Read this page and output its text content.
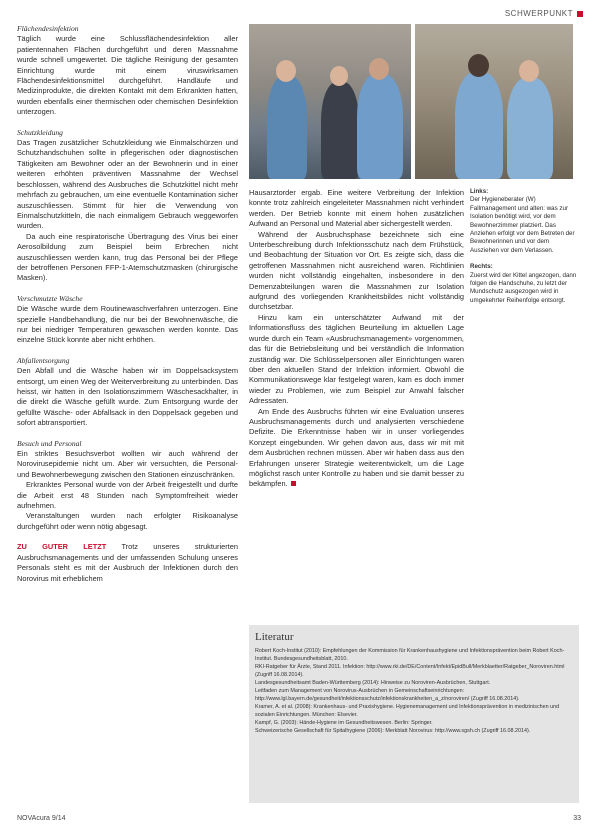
SCHWERPUNKT
Flächendesinfektion

Täglich wurde eine Schlussflächendesinfektion aller patientennahen Flächen durchgeführt und deren Massnahme wurde schnell umgewertet. Die tägliche Reinigung der gesamten Einrichtung wurde mit einem viruswirksamen Flächendesinfektionsmittel durchgeführt. Handläufe und Medizinprodukte, die direkten Kontakt mit dem Erkrankten hatten, wurden ebenfalls einer thermischen oder chemischen Desinfektion unterzogen.

Schutzkleidung

Das Tragen zusätzlicher Schutzkleidung wie Einmalschürzen und Schutzhandschuhen sollte in pflegerischen oder diagnostischen Tätigkeiten am Bewohner oder an der Bewohnerin und in einer weiteren erhöhten präventiven Massnahme der Wechsel beschlossen, während des Ausbruches die Schutzkittel nicht mehr mehrfach zu gebrauchen, um eine eventuelle Kontamination sicher auszuschliessen. Stimmt für hier die Verwendung von Einmalschutzkitteln, die nach einmaligem Gebrauch weggeworfen wurden.

Da auch eine respiratorische Übertragung des Virus bei einer Aerosolbildung zum Beispiel beim Erbrechen nicht auszuschliessen werden kann, trug das Personal bei der Pflege der betroffenen Personen FFP-1-Atemschutzmasken (chirurgische Masken).

Verschmutzte Wäsche

Die Wäsche wurde dem Routinewaschverfahren unterzogen. Eine spezielle Handbehandlung, die nur bei der Bewohnerwäsche, die nur bei niedriger Temperaturen gewaschen werden konnte. Das einzelne Stück konnte aber nicht erhöhen.

Abfallentsorgung

Den Abfall und die Wäsche haben wir im Doppelsacksystem entsorgt, um einen Weg der Weiterverbreitung zu unterbinden. Das heisst, wir hatten in den Isolationszimmern Wäschesackhalter, in die direkt die Wäsche gefüllt wurde. Zum Entsorgung wurde der gefüllte Wäsche- oder Abfallsack in den Doppelsack gegeben und sofort abtransportiert.

Besuch und Personal

Ein striktes Besuchsverbot wollten wir auch während der Norovirusepidemie nicht um. Aber wir versuchten, die Personal- und Bewohnerbewegung zwischen den Stationen einzuschränken.

Erkranktes Personal wurde von der Arbeit freigestellt und durfte die Arbeit erst 48 Stunden nach Symptomfreiheit wieder aufnehmen.

Veranstaltungen wurden nach erfolgter Risikoanalyse durchgeführt oder wenn nötig abgesagt.

ZU GUTER LETZT Trotz unseres strukturierten Ausbruchsmanagements und der umfassenden Schulung unseres Personals steht es mit der Ausbruch der Infektionen durch den Norovirus mit erheblichem

Links:
Der Hygieneberater (W) Fallmanagement und alten: was zur Isolation benötigt wird, vor dem Bewohnerzimmer platziert. Das Anziehen erfolgt vor dem Betreten der Bewohnerinnen und vor dem Ausziehen vor dem Verlassen.
Rechts:
Zuerst wird der Kittel angezogen, dann folgen die Handschuhe, zu letzt der Mundschutz ausgezogen wird in umgekehrter Reihenfolge entsorgt.

Hausarztorder ergab. Eine weitere Verbreitung der Infektion konnte trotz zahlreich eingeleiteter Massnahmen nicht verhindert werden. Der Betrieb konnte mit einem hohen zusätzlichen Aufwand an Personal und Material aber sichergestellt werden.

Während der Ausbruchsphase bezeichnete sich eine Unterbeschreibung durch Infektionsschutz nach dem Frühstück, und Beobachtung der Situation vor Ort. Es zeigte sich, dass die getroffenen Massnahmen nicht ausreichend waren. Richtlinien wurden nicht vollständig eingehalten, insbesondere in den Demenzabteilungen waren die Massnahmen zur Isolation aufgrund des vorliegenden Krankheitsbildes nicht vollständig durchsetzbar.

Hinzu kam ein unterschätzter Aufwand mit der Informationsfluss des täglichen Beurteilung im aktuellen Lage wurde durch ein Team «Ausbruchsmanagement» vorgenommen, das für die Betriebsleitung und bei verständlich die Information zuständig war. Die Schlüsselpersonen aller Einrichtungen waren über den aktuellen Stand der Infektion informiert. Obwohl die Kommunikationswege klar festgelegt waren, kam es doch immer wieder zu Problemen, wie zum Beispiel zur Anwahl falscher Adressaten.

Am Ende des Ausbruchs führten wir eine Evaluation unseres Ausbruchsmanagements durch und analysierten verschiedene Defizite. Die Erkenntnisse haben wir in unser vorliegendes Konzept eingebunden. Wir gehen davon aus, dass wir mit mit dem Ausbrüchen rechnen müssen. Aber wir haben dass aus den Erfahrungen unserer Strategie weiterentwickelt, um die Lage möglichst rasch unter Kontrolle zu haben und sie damit besser zu bekämpfen.

Literatur
Robert Koch-Institut (2010): Empfehlungen der Kommission für Krankenhaushygiene und Infektionsprävention beim Robert Koch-Institut. Bundesgesundheitsblatt, 2010.
RKI-Ratgeber für Ärzte, Stand 2011. Infektion: http://www.rki.de/DE/Content/Infekt/EpidBull/Merkblaetter/Ratgeber_Noroviren.html (Zugriff 16.08.2014).
Landesgesundheitsamt Baden-Württemberg (2014): Hinweise zu Noroviren-Ausbrüchen, Stuttgart.
Leitfaden zum Management von Norovirus-Ausbrüchen in Gemeinschaftseinrichtungen: http://www.lgl.bayern.de/gesundheit/infektionsschutz/infektionskrankheiten_a_z/noroviren/ (Zugriff 16.08.2014).
Kramer, A. et al. (2008): Krankenhaus- und Praxishygiene. Hygienemanagement und Infektionsprävention in medizinischen und sozialen Einrichtungen. München: Elsevier.
Kampf, G. (2003): Hände-Hygiene im Gesundheitswesen. Berlin: Springer.
Schweizerische Gesellschaft für Spitalhygiene (2006): Merkblatt Norovirus: http://www.sgsh.ch (Zugriff 16.08.2014).
NOVAcura 9/14	33
